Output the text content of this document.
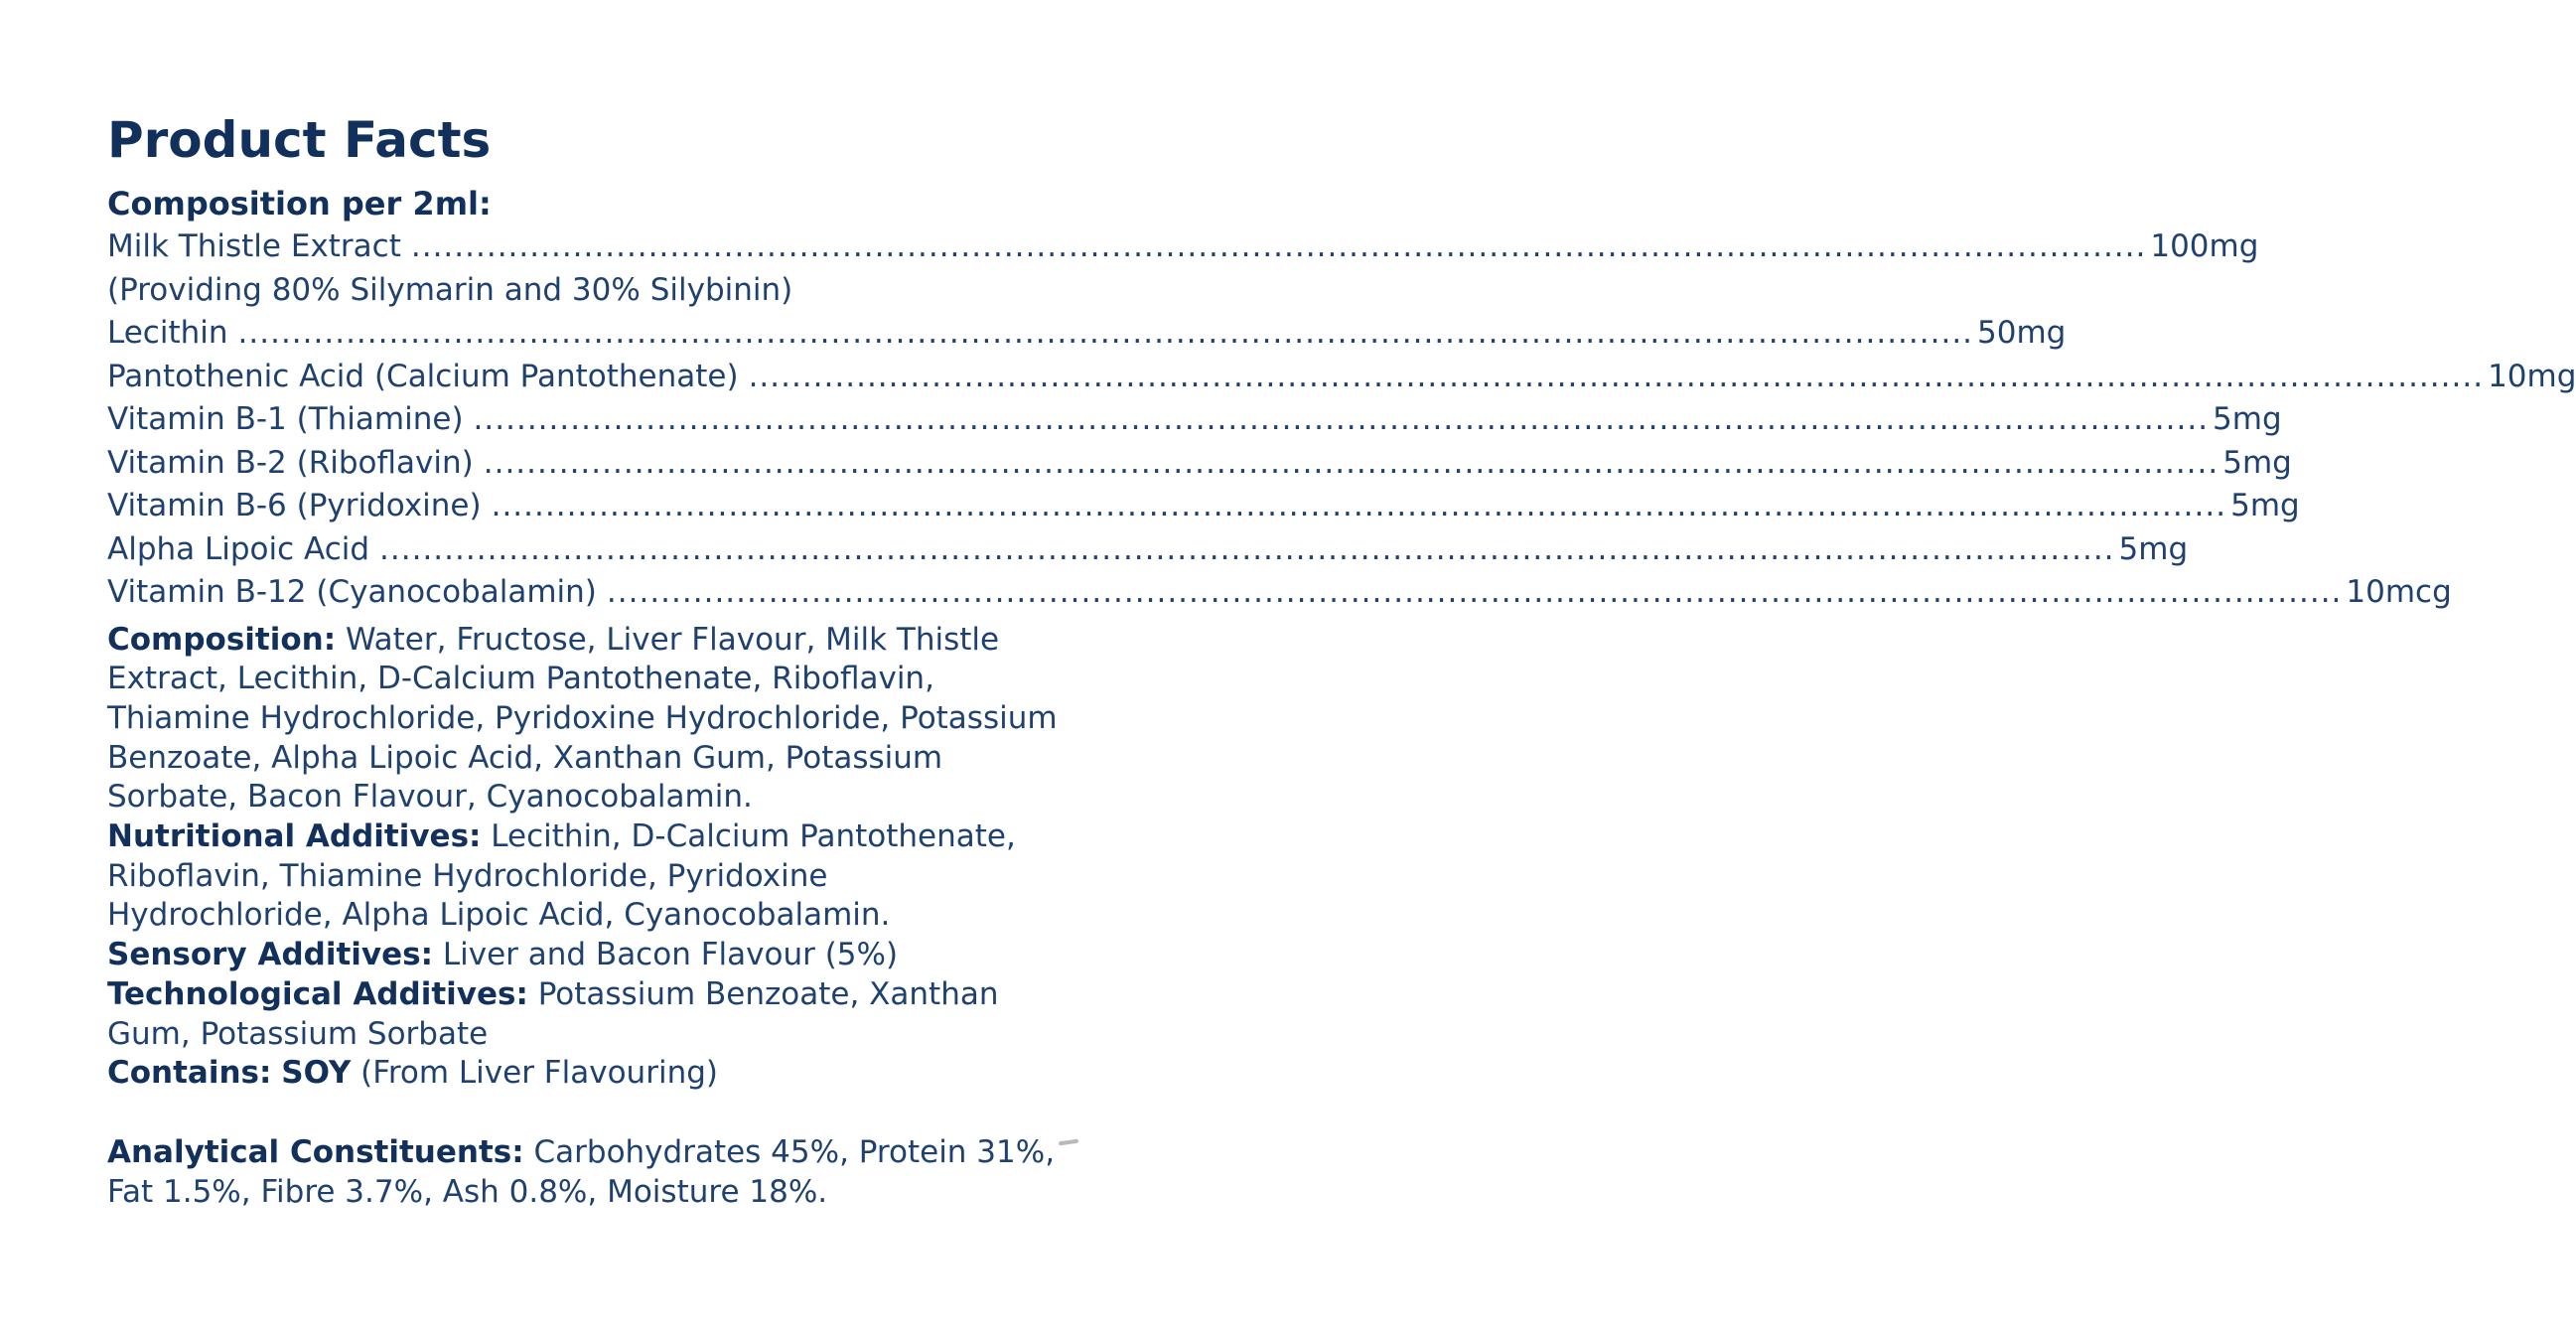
Product Facts
Composition per 2ml:
Milk Thistle Extract ................................................................................................................................................................. 100mg
(Providing 80% Silymarin and 30% Silybinin)
Lecithin ................................................................................................................................................................. 50mg
Pantothenic Acid (Calcium Pantothenate) ................................................................................................................................................................. 10mg
Vitamin B-1 (Thiamine) ................................................................................................................................................................. 5mg
Vitamin B-2 (Riboflavin) ................................................................................................................................................................. 5mg
Vitamin B-6 (Pyridoxine) ................................................................................................................................................................. 5mg
Alpha Lipoic Acid ................................................................................................................................................................. 5mg
Vitamin B-12 (Cyanocobalamin) ................................................................................................................................................................. 10mcg

Composition: Water, Fructose, Liver Flavour, Milk Thistle Extract, Lecithin, D-Calcium Pantothenate, Riboflavin, Thiamine Hydrochloride, Pyridoxine Hydrochloride, Potassium Benzoate, Alpha Lipoic Acid, Xanthan Gum, Potassium Sorbate, Bacon Flavour, Cyanocobalamin.

Nutritional Additives: Lecithin, D-Calcium Pantothenate, Riboflavin, Thiamine Hydrochloride, Pyridoxine Hydrochloride, Alpha Lipoic Acid, Cyanocobalamin.

Sensory Additives: Liver and Bacon Flavour (5%)

Technological Additives: Potassium Benzoate, Xanthan Gum, Potassium Sorbate

Contains: SOY (From Liver Flavouring)

Analytical Constituents: Carbohydrates 45%, Protein 31%, Fat 1.5%, Fibre 3.7%, Ash 0.8%, Moisture 18%.
